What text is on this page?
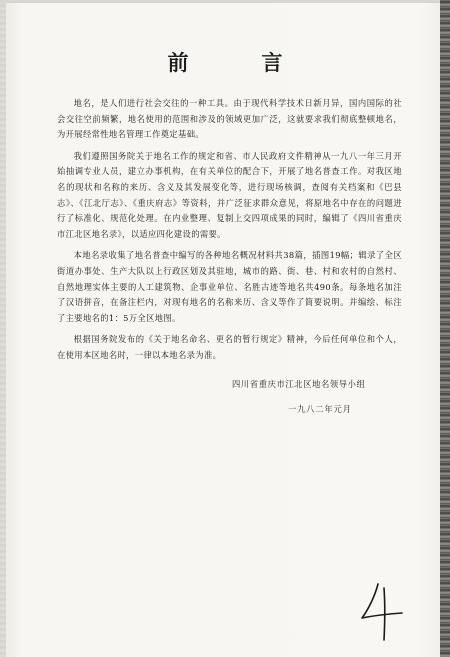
前　言

地名，是人们进行社会交往的一种工具。由于现代科学技术日新月异，国内国际的社会交往空前频繁，地名使用的范围和涉及的领域更加广泛，这就要求我们彻底整顿地名，为开展经常性地名管理工作奠定基础。

我们遵照国务院关于地名工作的规定和省、市人民政府文件精神从一九八一年三月开始抽调专业人员，建立办事机构，在有关单位的配合下，开展了地名普查工作。对我区地名的现状和名称的来历、含义及其发展变化等，进行现场核调，查阅有关档案和《巴县志》、《江北厅志》、《重庆府志》等资料，并广泛征求群众意见，将原地名中存在的问题进行了标准化、规范化处理。在内业整理、复制上交四项成果的同时，编辑了《四川省重庆市江北区地名录》，以适应四化建设的需要。

本地名录收集了地名普查中编写的各种地名概况材料共38篇，插图19幅；辑录了全区街道办事处、生产大队以上行政区划及其驻地，城市的路、街、巷、村和农村的自然村、自然地理实体主要的人工建筑物、企事业单位、名胜古迹等地名共490条。每条地名加注了汉语拼音，在备注栏内，对现有地名的名称来历、含义等作了简要说明。并编绘、标注了主要地名的1：5万全区地图。

根据国务院发布的《关于地名命名、更名的暂行规定》精神，今后任何单位和个人，在使用本区地名时，一律以本地名录为准。

四川省重庆市江北区地名领导小组
一九八二年元月
